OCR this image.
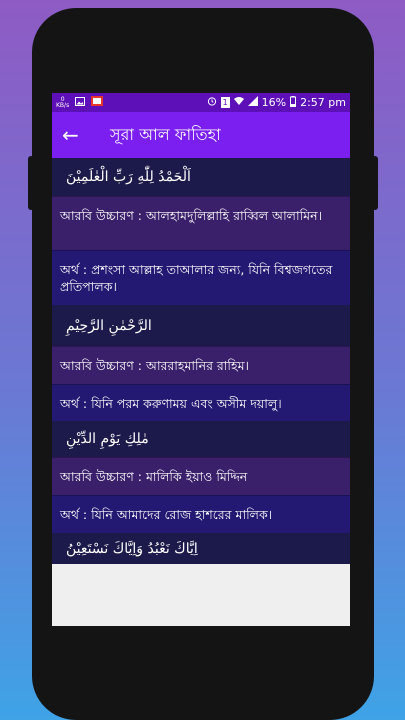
0
KB/s	1	16% 2:57 pm
←	সূরা আল ফাতিহা
اَلْحَمْدُ لِلّٰهِ رَبِّ الْعٰلَمِیْنَ
আরবি উচ্চারণ : আলহামদুলিল্লাহি রাব্বিল আলামিন।
অর্থ : প্রশংসা আল্লাহ তাআলার জন্য, যিনি বিশ্বজগতের প্রতিপালক।
الرَّحْمٰنِ الرَّحِیْمِ
আরবি উচ্চারণ : আররাহমানির রাহিম।
অর্থ : যিনি পরম করুণাময় এবং অসীম দয়ালু।
مٰلِكِ یَوْمِ الدِّیْنِ
আরবি উচ্চারণ : মালিকি ইয়াও মিদ্দিন
অর্থ : যিনি আমাদের রোজ হাশরের মালিক।
اِیَّاكَ نَعْبُدُ وَاِیَّاكَ نَسْتَعِیْنُ
